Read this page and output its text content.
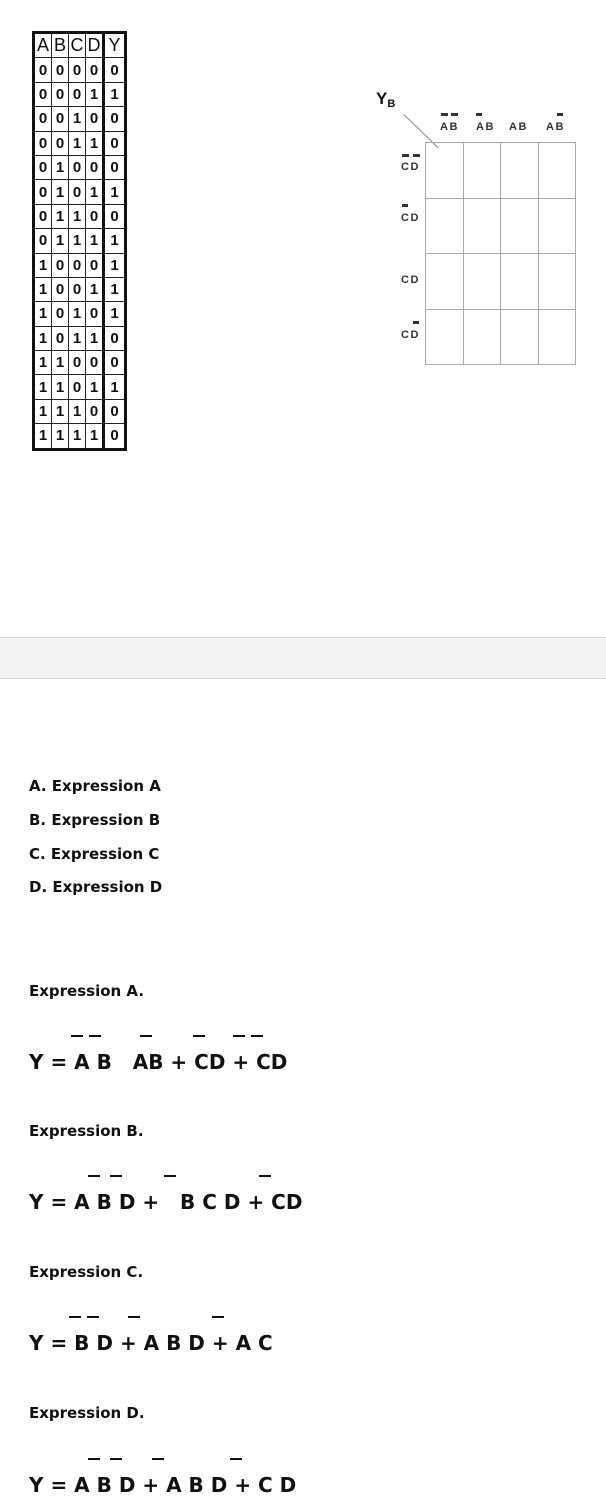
A	B	C	D	Y
0	0	0	0	0
0	0	0	1	1
0	0	1	0	0
0	0	1	1	0
0	1	0	0	0
0	1	0	1	1
0	1	1	0	0
0	1	1	1	1
1	0	0	0	1
1	0	0	1	1
1	0	1	0	1
1	0	1	1	0
1	1	0	0	0
1	1	0	1	1
1	1	1	0	0
1	1	1	1	0
$Y_B$
AB AB AB AB
CD
CD
CD
CD

A. Expression A
B. Expression B
C. Expression C
D. Expression D
Expression A.
Y = A B   AB + CD + CD
Expression B.
Y = A B D +   B C D + CD
Expression C.
Y = B D + A B D + A C
Expression D.
Y = A B D + A B D + C D
